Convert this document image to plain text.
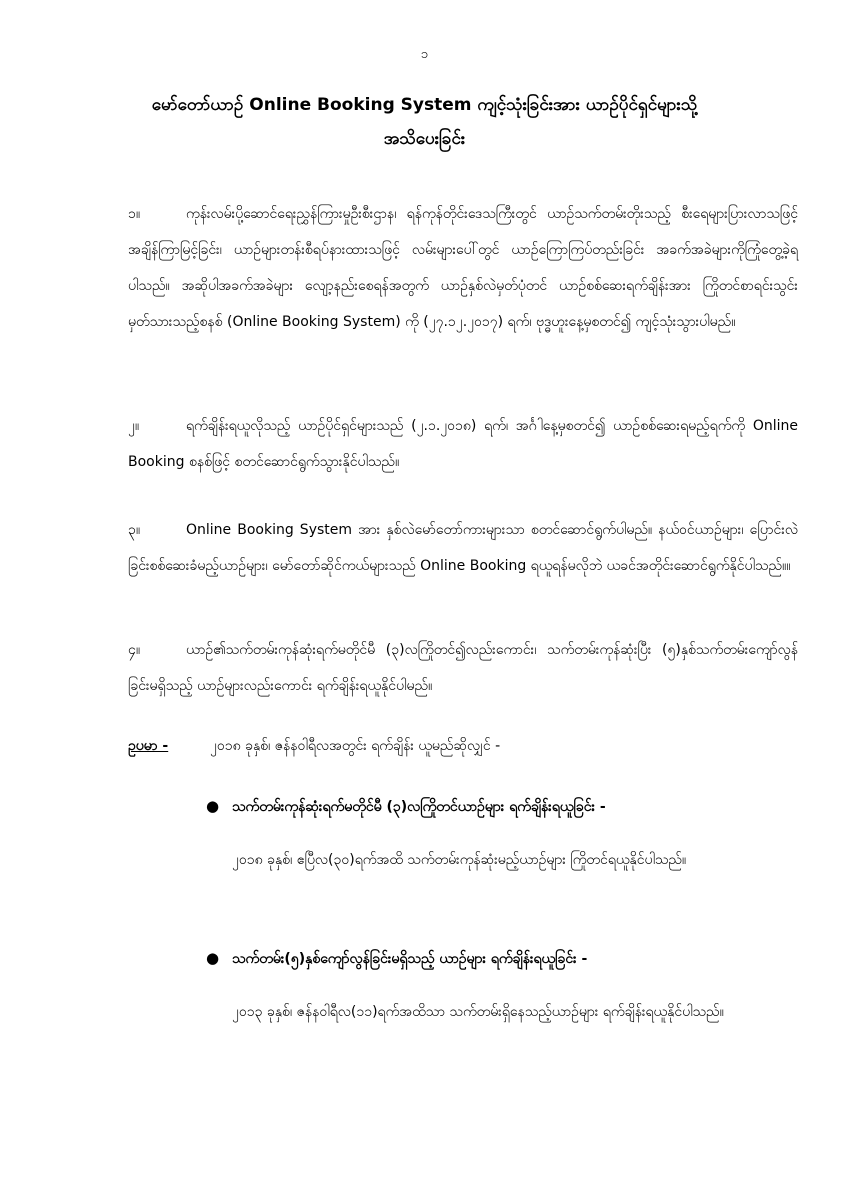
၁
မော်တော်ယာဉ် Online Booking System ကျင့်သုံးခြင်းအား ယာဉ်ပိုင်ရှင်များသို့
အသိပေးခြင်း
၁။	ကုန်းလမ်းပို့ဆောင်ရေးညွှန်ကြားမှုဦးစီးဌာန၊ ရန်ကုန်တိုင်းဒေသကြီးတွင် ယာဉ်သက်တမ်းတိုးသည့် စီးရေများပြားလာသဖြင့်အချိန်ကြာမြင့်ခြင်း၊ ယာဉ်များတန်းစီရပ်နားထားသဖြင့် လမ်းများပေါ်တွင် ယာဉ်ကြောကြပ်တည်းခြင်း အခက်အခဲများကိုကြုံတွေ့ခဲ့ရပါသည်။ အဆိုပါအခက်အခဲများ လျော့နည်းစေရန်အတွက် ယာဉ်နှစ်လဲမှတ်ပုံတင် ယာဉ်စစ်ဆေးရက်ချိန်းအား ကြိုတင်စာရင်းသွင်း မှတ်သားသည့်စနစ် (Online Booking System) ကို (၂၇.၁၂.၂၀၁၇) ရက်၊ ဗုဒ္ဓဟူးနေ့မှစတင်၍ ကျင့်သုံးသွားပါမည်။
၂။	ရက်ချိန်းရယူလိုသည့် ယာဉ်ပိုင်ရှင်များသည် (၂.၁.၂၀၁၈) ရက်၊ အင်္ဂါနေ့မှစတင်၍ ယာဉ်စစ်ဆေးရမည့်ရက်ကို Online Booking စနစ်ဖြင့် စတင်ဆောင်ရွက်သွားနိုင်ပါသည်။
၃။	Online Booking System အား နှစ်လဲမော်တော်ကားများသာ စတင်ဆောင်ရွက်ပါမည်။ နယ်ဝင်ယာဉ်များ၊ ပြောင်းလဲခြင်းစစ်ဆေးခံမည့်ယာဉ်များ၊ မော်တော်ဆိုင်ကယ်များသည် Online Booking ရယူရန်မလိုဘဲ ယခင်အတိုင်းဆောင်ရွက်နိုင်ပါသည်။။
၄။	ယာဉ်၏သက်တမ်းကုန်ဆုံးရက်မတိုင်မီ (၃)လကြိုတင်၍လည်းကောင်း၊ သက်တမ်းကုန်ဆုံးပြီး (၅)နှစ်သက်တမ်းကျော်လွန်ခြင်းမရှိသည့် ယာဉ်များလည်းကောင်း ရက်ချိန်းရယူနိုင်ပါမည်။
ဥပမာ -	၂၀၁၈ ခုနှစ်၊ ဇန်နဝါရီလအတွင်း ရက်ချိန်း ယူမည်ဆိုလျှင် -
● သက်တမ်းကုန်ဆုံးရက်မတိုင်မီ (၃)လကြိုတင်ယာဉ်များ ရက်ချိန်းရယူခြင်း -
၂၀၁၈ ခုနှစ်၊ ဧပြီလ(၃၀)ရက်အထိ သက်တမ်းကုန်ဆုံးမည့်ယာဉ်များ ကြိုတင်ရယူနိုင်ပါသည်။
● သက်တမ်း(၅)နှစ်ကျော်လွန်ခြင်းမရှိသည့် ယာဉ်များ ရက်ချိန်းရယူခြင်း -
၂၀၁၃ ခုနှစ်၊ ဇန်နဝါရီလ(၁၁)ရက်အထိသာ သက်တမ်းရှိနေသည့်ယာဉ်များ ရက်ချိန်းရယူနိုင်ပါသည်။
